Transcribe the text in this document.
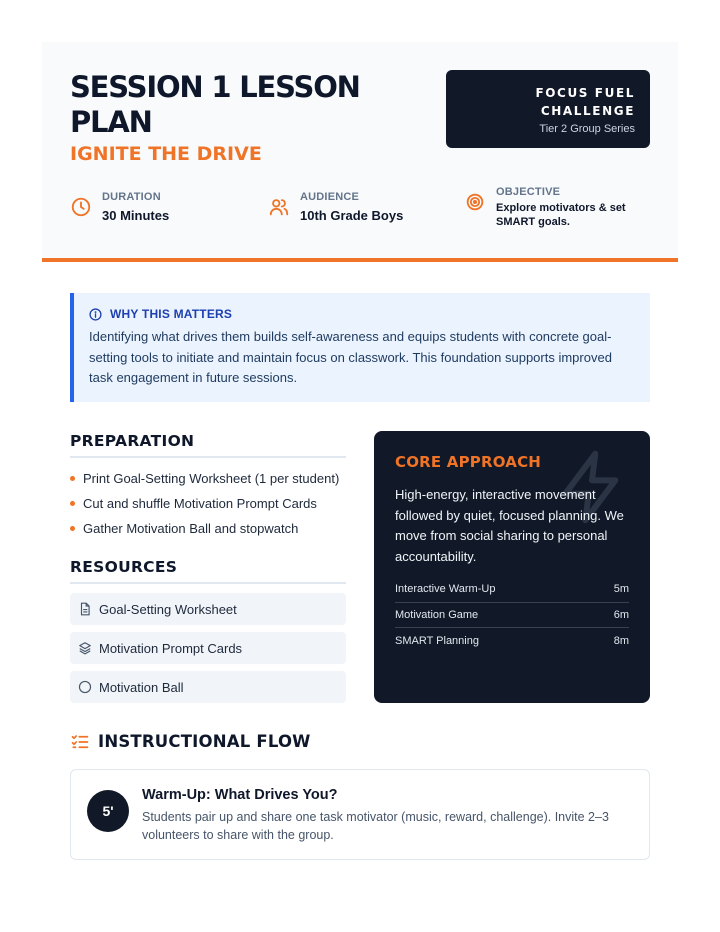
SESSION 1 LESSON PLAN
IGNITE THE DRIVE
FOCUS FUEL CHALLENGE
Tier 2 Group Series
DURATION
30 Minutes
AUDIENCE
10th Grade Boys
OBJECTIVE
Explore motivators & set SMART goals.
WHY THIS MATTERS
Identifying what drives them builds self-awareness and equips students with concrete goal-setting tools to initiate and maintain focus on classwork. This foundation supports improved task engagement in future sessions.
PREPARATION
Print Goal-Setting Worksheet (1 per student)
Cut and shuffle Motivation Prompt Cards
Gather Motivation Ball and stopwatch
RESOURCES
Goal-Setting Worksheet
Motivation Prompt Cards
Motivation Ball
CORE APPROACH
High-energy, interactive movement followed by quiet, focused planning. We move from social sharing to personal accountability.
Interactive Warm-Up	5m
Motivation Game	6m
SMART Planning	8m
INSTRUCTIONAL FLOW
5'
Warm-Up: What Drives You?
Students pair up and share one task motivator (music, reward, challenge). Invite 2–3 volunteers to share with the group.
